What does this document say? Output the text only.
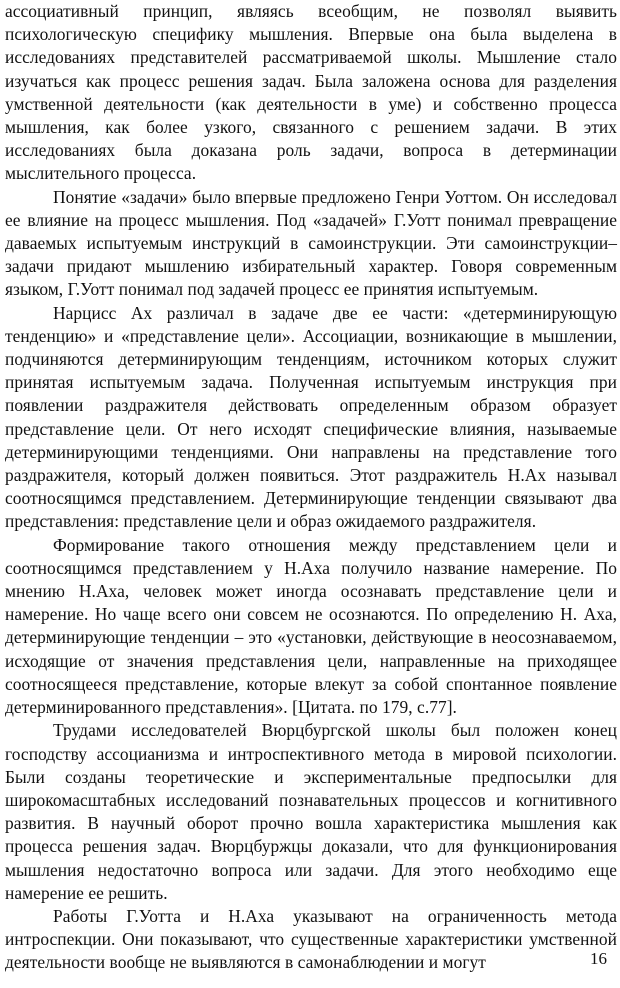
ассоциативный принцип, являясь всеобщим, не позволял выявить психологическую специфику мышления. Впервые она была выделена в исследованиях представителей рассматриваемой школы. Мышление стало изучаться как процесс решения задач. Была заложена основа для разделения умственной деятельности (как деятельности в уме) и собственно процесса мышления, как более узкого, связанного с решением задачи. В этих исследованиях была доказана роль задачи, вопроса в детерминации мыслительного процесса.

Понятие «задачи» было впервые предложено Генри Уоттом. Он исследовал ее влияние на процесс мышления. Под «задачей» Г.Уотт понимал превращение даваемых испытуемым инструкций в самоинструкции. Эти самоинструкции–задачи придают мышлению избирательный характер. Говоря современным языком, Г.Уотт понимал под задачей процесс ее принятия испытуемым.

Нарцисс Ах различал в задаче две ее части: «детерминирующую тенденцию» и «представление цели». Ассоциации, возникающие в мышлении, подчиняются детерминирующим тенденциям, источником которых служит принятая испытуемым задача. Полученная испытуемым инструкция при появлении раздражителя действовать определенным образом образует представление цели. От него исходят специфические влияния, называемые детерминирующими тенденциями. Они направлены на представление того раздражителя, который должен появиться. Этот раздражитель Н.Ах называл соотносящимся представлением. Детерминирующие тенденции связывают два представления: представление цели и образ ожидаемого раздражителя.

Формирование такого отношения между представлением цели и соотносящимся представлением у Н.Аха получило название намерение. По мнению Н.Аха, человек может иногда осознавать представление цели и намерение. Но чаще всего они совсем не осознаются. По определению Н. Аха, детерминирующие тенденции – это «установки, действующие в неосознаваемом, исходящие от значения представления цели, направленные на приходящее соотносящееся представление, которые влекут за собой спонтанное появление детерминированного представления». [Цитата. по 179, с.77].

Трудами исследователей Вюрцбургской школы был положен конец господству ассоцианизма и интроспективного метода в мировой психологии. Были созданы теоретические и экспериментальные предпосылки для широкомасштабных исследований познавательных процессов и когнитивного развития. В научный оборот прочно вошла характеристика мышления как процесса решения задач. Вюрцбуржцы доказали, что для функционирования мышления недостаточно вопроса или задачи. Для этого необходимо еще намерение ее решить.

Работы Г.Уотта и Н.Аха указывают на ограниченность метода интроспекции. Они показывают, что существенные характеристики умственной деятельности вообще не выявляются в самонаблюдении и могут	16
